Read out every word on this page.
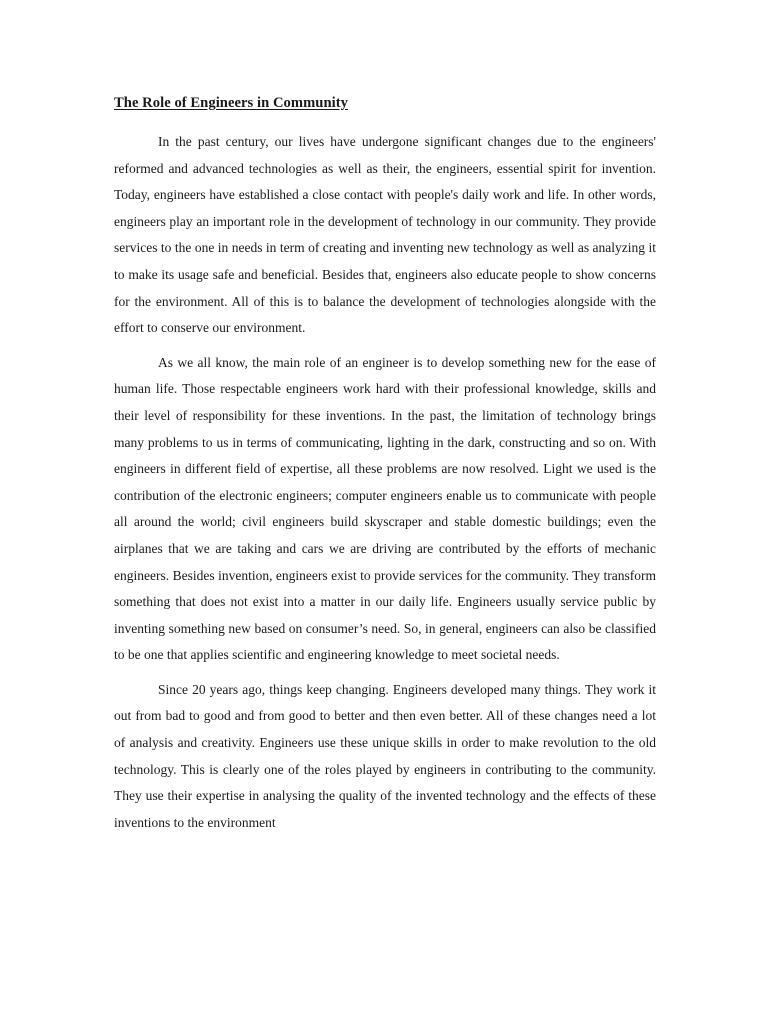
The Role of Engineers in Community

In the past century, our lives have undergone significant changes due to the engineers' reformed and advanced technologies as well as their, the engineers, essential spirit for invention. Today, engineers have established a close contact with people's daily work and life. In other words, engineers play an important role in the development of technology in our community. They provide services to the one in needs in term of creating and inventing new technology as well as analyzing it to make its usage safe and beneficial. Besides that, engineers also educate people to show concerns for the environment. All of this is to balance the development of technologies alongside with the effort to conserve our environment.

As we all know, the main role of an engineer is to develop something new for the ease of human life. Those respectable engineers work hard with their professional knowledge, skills and their level of responsibility for these inventions. In the past, the limitation of technology brings many problems to us in terms of communicating, lighting in the dark, constructing and so on. With engineers in different field of expertise, all these problems are now resolved. Light we used is the contribution of the electronic engineers; computer engineers enable us to communicate with people all around the world; civil engineers build skyscraper and stable domestic buildings; even the airplanes that we are taking and cars we are driving are contributed by the efforts of mechanic engineers. Besides invention, engineers exist to provide services for the community. They transform something that does not exist into a matter in our daily life. Engineers usually service public by inventing something new based on consumer’s need. So, in general, engineers can also be classified to be one that applies scientific and engineering knowledge to meet societal needs.

Since 20 years ago, things keep changing. Engineers developed many things. They work it out from bad to good and from good to better and then even better. All of these changes need a lot of analysis and creativity. Engineers use these unique skills in order to make revolution to the old technology. This is clearly one of the roles played by engineers in contributing to the community. They use their expertise in analysing the quality of the invented technology and the effects of these inventions to the environment
